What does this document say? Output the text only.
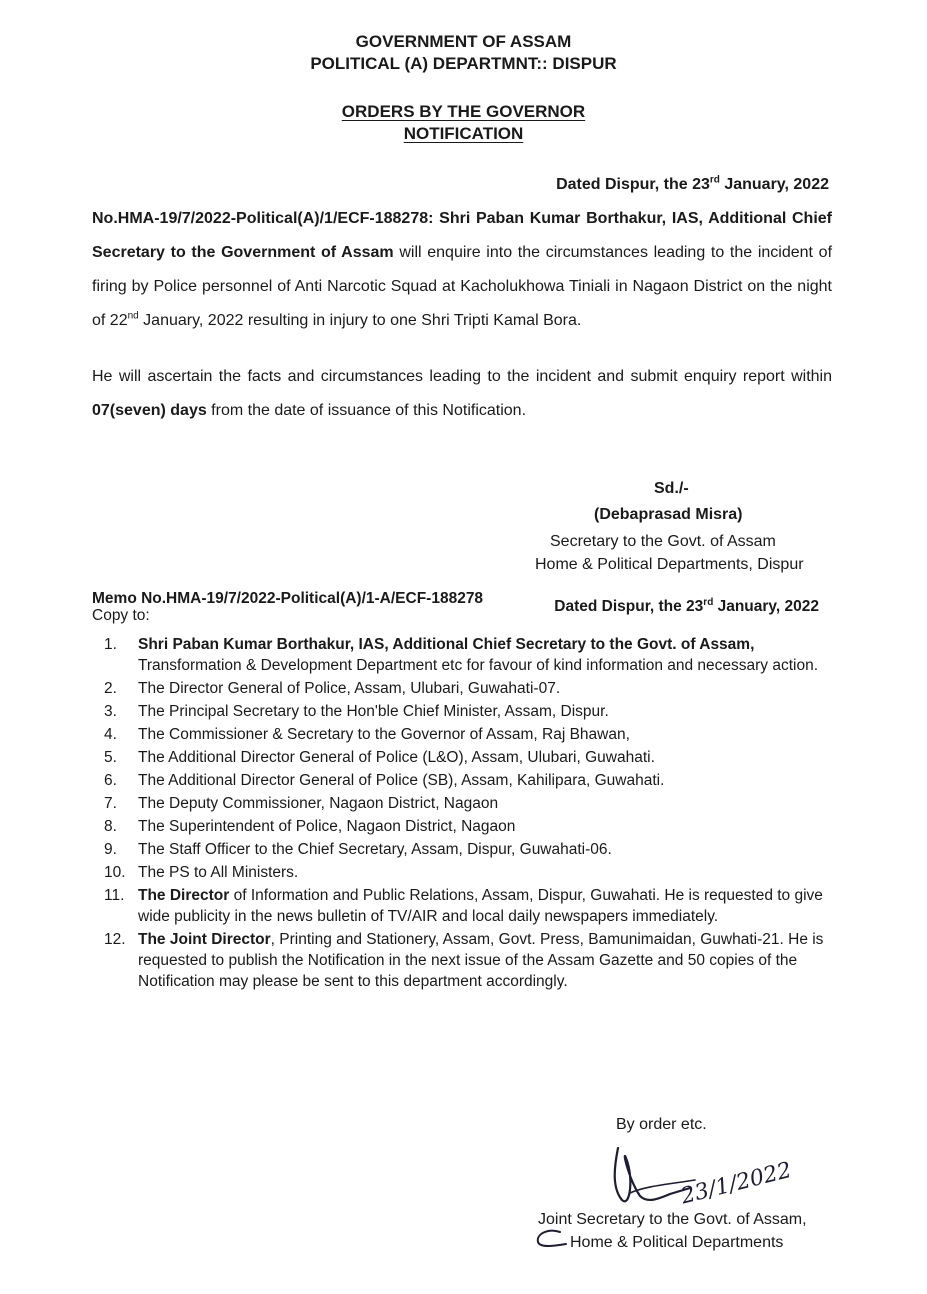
GOVERNMENT OF ASSAM
POLITICAL (A) DEPARTMNT:: DISPUR
ORDERS BY THE GOVERNOR
NOTIFICATION
Dated Dispur, the 23rd January, 2022
No.HMA-19/7/2022-Political(A)/1/ECF-188278: Shri Paban Kumar Borthakur, IAS, Additional Chief Secretary to the Government of Assam will enquire into the circumstances leading to the incident of firing by Police personnel of Anti Narcotic Squad at Kacholukhowa Tiniali in Nagaon District on the night of 22nd January, 2022 resulting in injury to one Shri Tripti Kamal Bora.
He will ascertain the facts and circumstances leading to the incident and submit enquiry report within 07(seven) days from the date of issuance of this Notification.
Sd./-
(Debaprasad Misra)
Secretary to the Govt. of Assam
Home & Political Departments, Dispur
Memo No.HMA-19/7/2022-Political(A)/1-A/ECF-188278	Dated Dispur, the 23rd January, 2022
Copy to:
1.	Shri Paban Kumar Borthakur, IAS, Additional Chief Secretary to the Govt. of Assam, Transformation & Development Department etc for favour of kind information and necessary action.
2.	The Director General of Police, Assam, Ulubari, Guwahati-07.
3.	The Principal Secretary to the Hon'ble Chief Minister, Assam, Dispur.
4.	The Commissioner & Secretary to the Governor of Assam, Raj Bhawan,
5.	The Additional Director General of Police (L&O), Assam, Ulubari, Guwahati.
6.	The Additional Director General of Police (SB), Assam, Kahilipara, Guwahati.
7.	The Deputy Commissioner, Nagaon District, Nagaon
8.	The Superintendent of Police, Nagaon District, Nagaon
9.	The Staff Officer to the Chief Secretary, Assam, Dispur, Guwahati-06.
10. The PS to All Ministers.
11. The Director of Information and Public Relations, Assam, Dispur, Guwahati. He is requested to give wide publicity in the news bulletin of TV/AIR and local daily newspapers immediately.
12. The Joint Director, Printing and Stationery, Assam, Govt. Press, Bamunimaidan, Guwhati-21. He is requested to publish the Notification in the next issue of the Assam Gazette and 50 copies of the Notification may please be sent to this department accordingly.
By order etc.
23/1/2022
Joint Secretary to the Govt. of Assam,
Home & Political Departments
